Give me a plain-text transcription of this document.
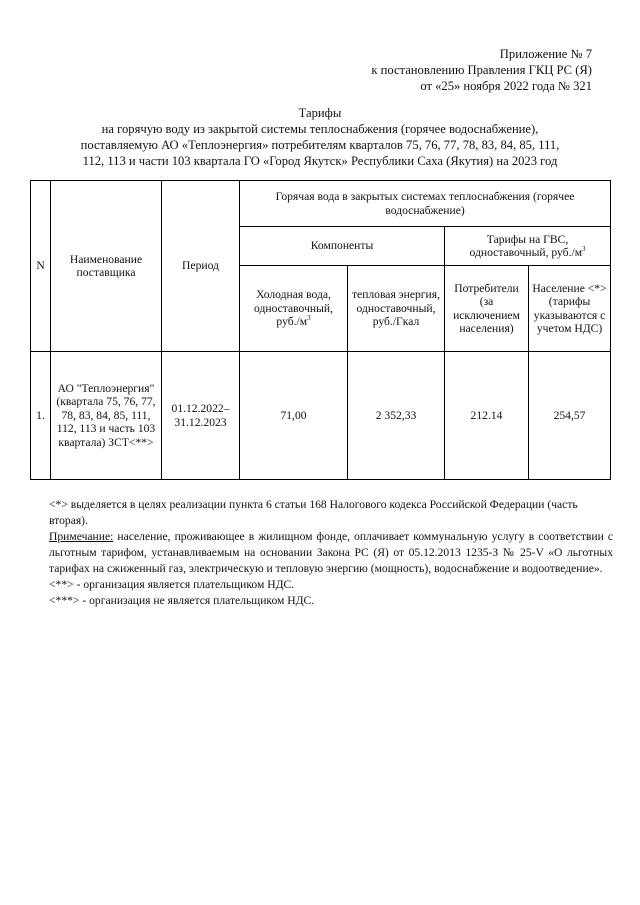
Приложение № 7
к постановлению Правления ГКЦ РС (Я)
от «25» ноября 2022 года № 321
Тарифы
на горячую воду из закрытой системы теплоснабжения (горячее водоснабжение),
поставляемую АО «Теплоэнергия» потребителям кварталов 75, 76, 77, 78, 83, 84, 85, 111,
112, 113 и части 103 квартала ГО «Город Якутск» Республики Саха (Якутия) на 2023 год
N	Наименование поставщика	Период	Горячая вода в закрытых системах теплоснабжения (горячее водоснабжение)			
			Компоненты		Тарифы на ГВС, одноставочный, $руб./м^3$
			Холодная вода, одноставочный, $руб./м^3$	тепловая энергия, одноставочный, руб./Гкал	Потребители (за исключением населения)	Население <*> (тарифы указываются с учетом НДС)
1.	АО "Теплоэнергия" (квартала 75, 76, 77, 78, 83, 84, 85, 111, 112, 113 и часть 103 квартала) ЗСТ<**>	01.12.2022– 31.12.2023	71,00	2 352,33	212.14	254,57

<*> выделяется в целях реализации пункта 6 статьи 168 Налогового кодекса Российской Федерации (часть вторая).

Примечание: население, проживающее в жилищном фонде, оплачивает коммунальную услугу в соответствии с льготным тарифом, устанавливаемым на основании Закона РС (Я) от 05.12.2013 1235-З № 25-V «О льготных тарифах на сжиженный газ, электрическую и тепловую энергию (мощность), водоснабжение и водоотведение».

<**> - организация является плательщиком НДС.

<***> - организация не является плательщиком НДС.
